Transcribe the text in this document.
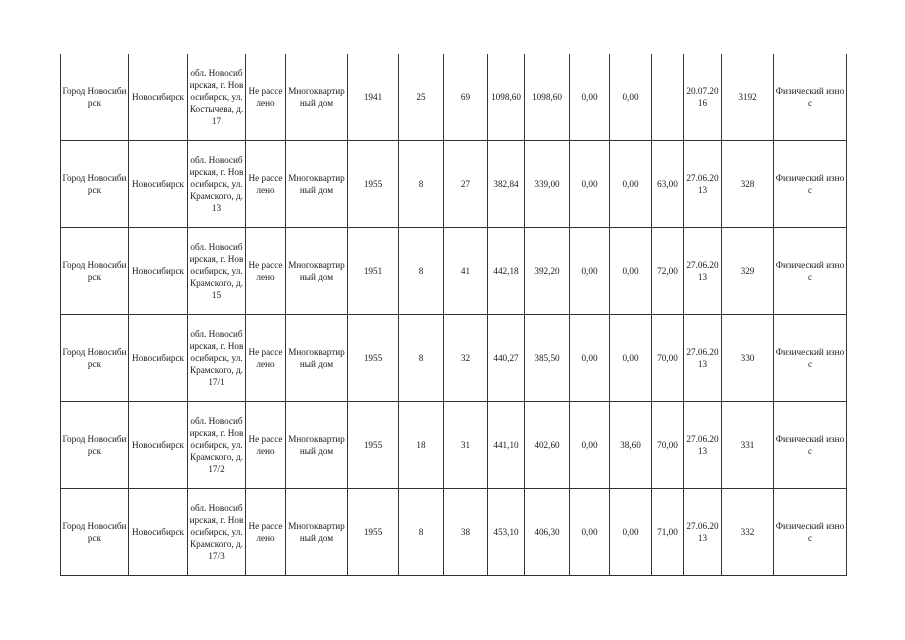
Город Новосибирск	Новосибирск	обл. Новосибирская, г. Новосибирск, ул. Костычева, д. 17	Не расселено	Многоквартирный дом	1941	25	69	1098,60	1098,60	0,00	0,00		20.07.2016	3192	Физический износ
Город Новосибирск	Новосибирск	обл. Новосибирская, г. Новосибирск, ул. Крамского, д. 13	Не расселено	Многоквартирный дом	1955	8	27	382,84	339,00	0,00	0,00	63,00	27.06.2013	328	Физический износ
Город Новосибирск	Новосибирск	обл. Новосибирская, г. Новосибирск, ул. Крамского, д. 15	Не расселено	Многоквартирный дом	1951	8	41	442,18	392,20	0,00	0,00	72,00	27.06.2013	329	Физический износ
Город Новосибирск	Новосибирск	обл. Новосибирская, г. Новосибирск, ул. Крамского, д. 17/1	Не расселено	Многоквартирный дом	1955	8	32	440,27	385,50	0,00	0,00	70,00	27.06.2013	330	Физический износ
Город Новосибирск	Новосибирск	обл. Новосибирская, г. Новосибирск, ул. Крамского, д. 17/2	Не расселено	Многоквартирный дом	1955	18	31	441,10	402,60	0,00	38,60	70,00	27.06.2013	331	Физический износ
Город Новосибирск	Новосибирск	обл. Новосибирская, г. Новосибирск, ул. Крамского, д. 17/3	Не расселено	Многоквартирный дом	1955	8	38	453,10	406,30	0,00	0,00	71,00	27.06.2013	332	Физический износ
